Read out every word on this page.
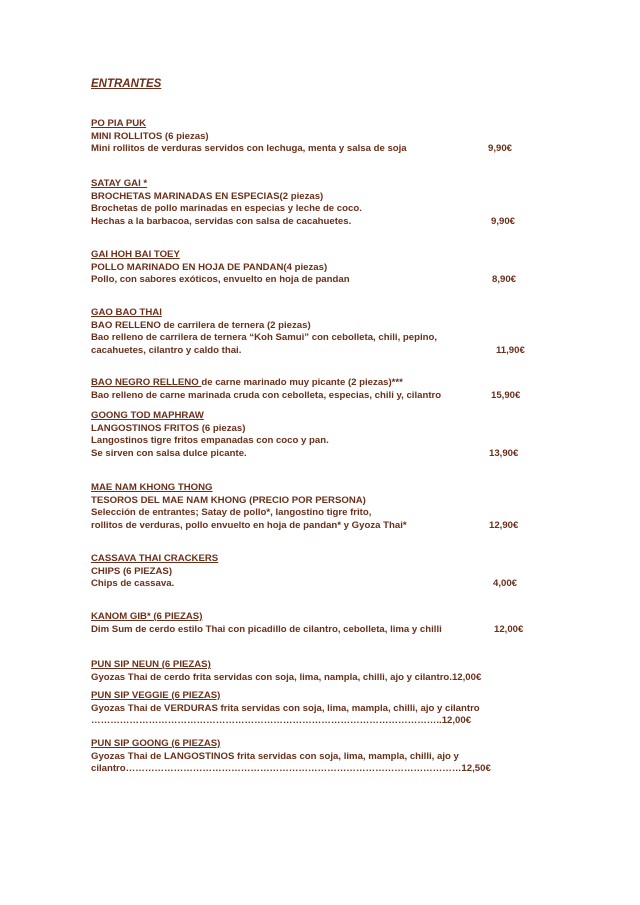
ENTRANTES
PO PIA PUK
MINI ROLLITOS (6 piezas)
Mini rollitos de verduras servidos con lechuga, menta y salsa de soja	9,90€
SATAY GAI *
BROCHETAS MARINADAS EN ESPECIAS(2 piezas)
Brochetas de pollo marinadas en especias y leche de coco.
Hechas a la barbacoa, servidas con salsa de cacahuetes.	9,90€
GAI HOH BAI TOEY
POLLO MARINADO EN HOJA DE PANDAN(4 piezas)
Pollo, con sabores exóticos, envuelto en hoja de pandan	8,90€
GAO BAO THAI
BAO RELLENO de carrilera de ternera (2 piezas)
Bao relleno de carrilera de ternera “Koh Samui” con cebolleta, chili, pepino,
cacahuetes, cilantro y caldo thai.	11,90€
BAO NEGRO RELLENO de carne marinado muy picante (2 piezas)***
Bao relleno de carne marinada cruda con cebolleta, especias, chili y, cilantro	15,90€
GOONG TOD MAPHRAW
LANGOSTINOS FRITOS (6 piezas)
Langostinos tigre fritos empanadas con coco y pan.
Se sirven con salsa dulce picante.	13,90€
MAE NAM KHONG THONG
TESOROS DEL MAE NAM KHONG (PRECIO POR PERSONA)
Selección de entrantes; Satay de pollo*, langostino tigre frito,
rollitos de verduras, pollo envuelto en hoja de pandan* y Gyoza Thai*	12,90€
CASSAVA THAI CRACKERS
CHIPS (6 PIEZAS)
Chips de cassava.	4,00€
KANOM GIB* (6 PIEZAS)
Dim Sum de cerdo estilo Thai con picadillo de cilantro, cebolleta, lima y chilli	12,00€
PUN SIP NEUN (6 PIEZAS)
Gyozas Thai de cerdo frita servidas con soja, lima, nampla, chilli, ajo y cilantro.12,00€
PUN SIP VEGGIE (6 PIEZAS)
Gyozas Thai de VERDURAS frita servidas con soja, lima, mampla, chilli, ajo y cilantro
………………………………………………………………………………………………..12,00€
PUN SIP GOONG (6 PIEZAS)
Gyozas Thai de LANGOSTINOS frita servidas con soja, lima, mampla, chilli, ajo y
cilantro……………………………………………………………………………………………12,50€
